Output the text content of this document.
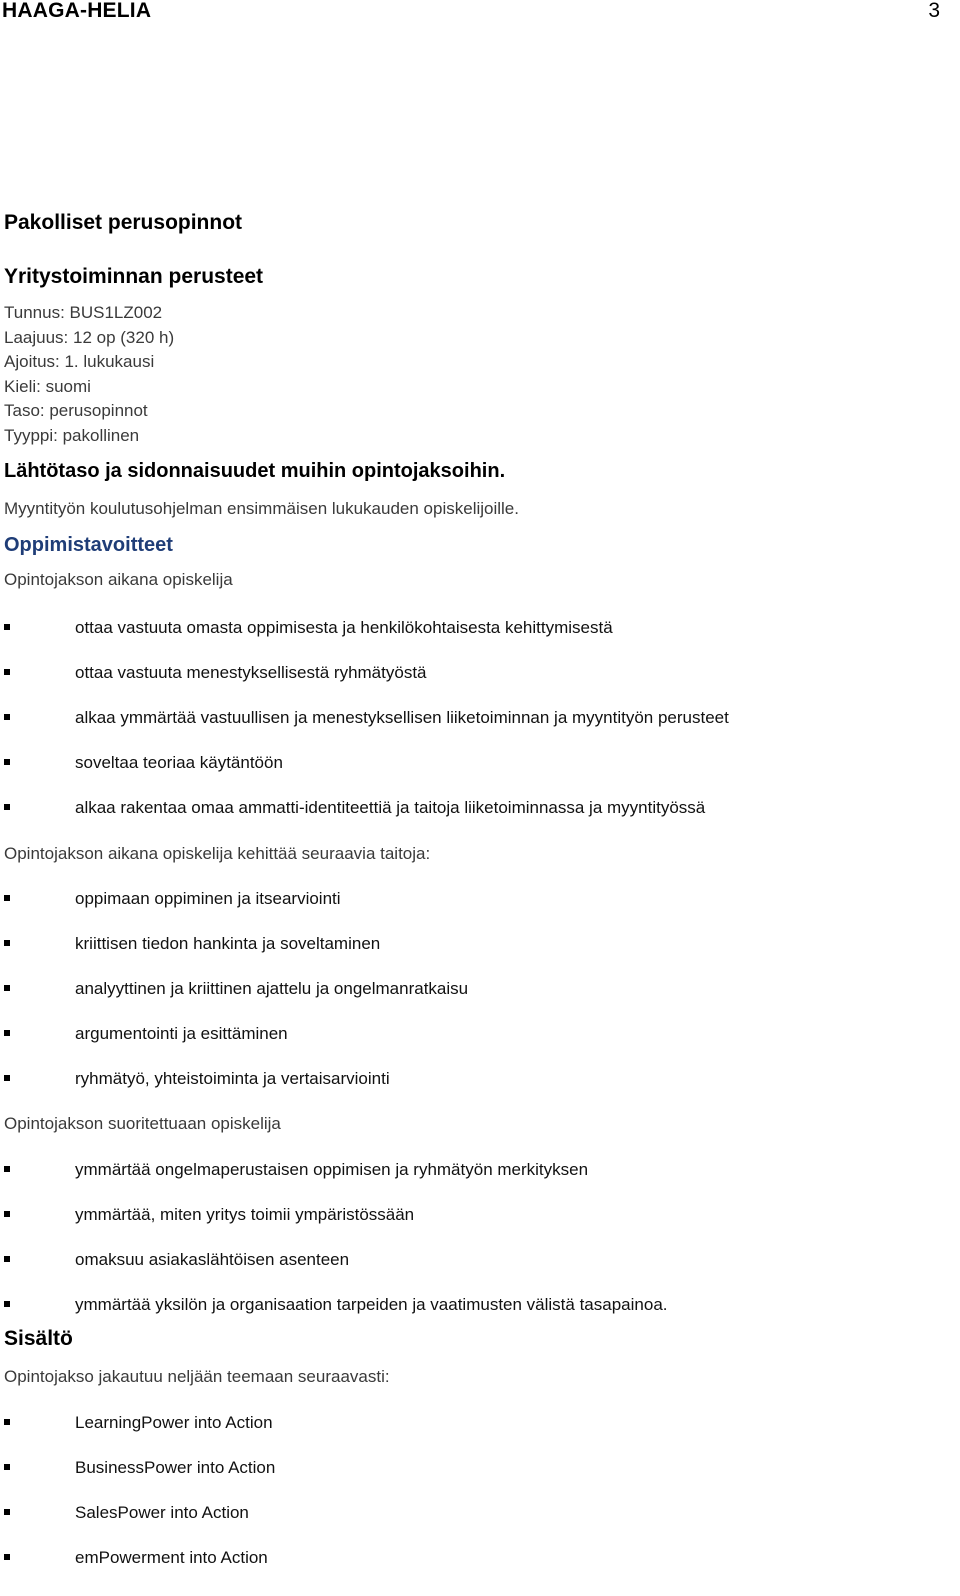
HAAGA-HELIA	3
Pakolliset perusopinnot
Yritystoiminnan perusteet
Tunnus: BUS1LZ002
Laajuus: 12 op (320 h)
Ajoitus: 1. lukukausi
Kieli: suomi
Taso: perusopinnot
Tyyppi: pakollinen
Lähtötaso ja sidonnaisuudet muihin opintojaksoihin.
Myyntityön koulutusohjelman ensimmäisen lukukauden opiskelijoille.
Oppimistavoitteet
Opintojakson aikana opiskelija
ottaa vastuuta omasta oppimisesta ja henkilökohtaisesta kehittymisestä
ottaa vastuuta menestyksellisestä ryhmätyöstä
alkaa ymmärtää vastuullisen ja menestyksellisen liiketoiminnan ja myyntityön perusteet
soveltaa teoriaa käytäntöön
alkaa rakentaa omaa ammatti-identiteettiä ja taitoja liiketoiminnassa ja myyntityössä
Opintojakson aikana opiskelija kehittää seuraavia taitoja:
oppimaan oppiminen ja itsearviointi
kriittisen tiedon hankinta ja soveltaminen
analyyttinen ja kriittinen ajattelu ja ongelmanratkaisu
argumentointi ja esittäminen
ryhmätyö, yhteistoiminta ja vertaisarviointi
Opintojakson suoritettuaan opiskelija
ymmärtää ongelmaperustaisen oppimisen ja ryhmätyön merkityksen
ymmärtää, miten yritys toimii ympäristössään
omaksuu asiakaslähtöisen asenteen
ymmärtää yksilön ja organisaation tarpeiden ja vaatimusten välistä tasapainoa.
Sisältö
Opintojakso jakautuu neljään teemaan seuraavasti:
LearningPower into Action
BusinessPower into Action
SalesPower into Action
emPowerment into Action
